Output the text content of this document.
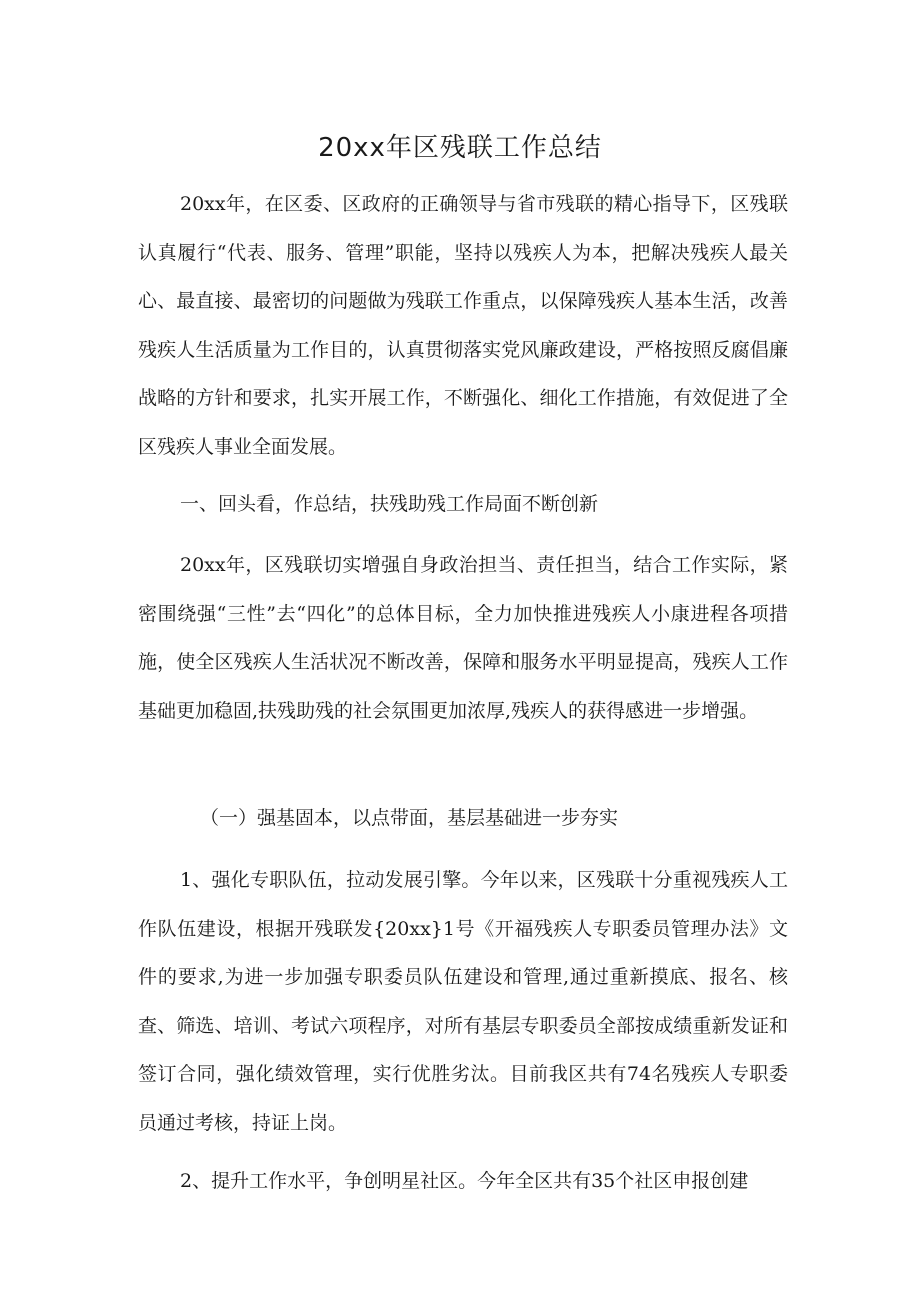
20xx年区残联工作总结

20xx年，在区委、区政府的正确领导与省市残联的精心指导下，区残联认真履行“代表、服务、管理”职能，坚持以残疾人为本，把解决残疾人最关心、最直接、最密切的问题做为残联工作重点，以保障残疾人基本生活，改善残疾人生活质量为工作目的，认真贯彻落实党风廉政建设，严格按照反腐倡廉战略的方针和要求，扎实开展工作，不断强化、细化工作措施，有效促进了全区残疾人事业全面发展。

一、回头看，作总结，扶残助残工作局面不断创新

20xx年，区残联切实增强自身政治担当、责任担当，结合工作实际，紧密围绕强“三性”去“四化”的总体目标，全力加快推进残疾人小康进程各项措施，使全区残疾人生活状况不断改善，保障和服务水平明显提高，残疾人工作基础更加稳固,扶残助残的社会氛围更加浓厚,残疾人的获得感进一步增强。

（一）强基固本，以点带面，基层基础进一步夯实

1、强化专职队伍，拉动发展引擎。今年以来，区残联十分重视残疾人工作队伍建设，根据开残联发{20xx}1号《开福残疾人专职委员管理办法》文件的要求,为进一步加强专职委员队伍建设和管理,通过重新摸底、报名、核查、筛选、培训、考试六项程序，对所有基层专职委员全部按成绩重新发证和签订合同，强化绩效管理，实行优胜劣汰。目前我区共有74名残疾人专职委员通过考核，持证上岗。

2、提升工作水平，争创明星社区。今年全区共有35个社区申报创建
